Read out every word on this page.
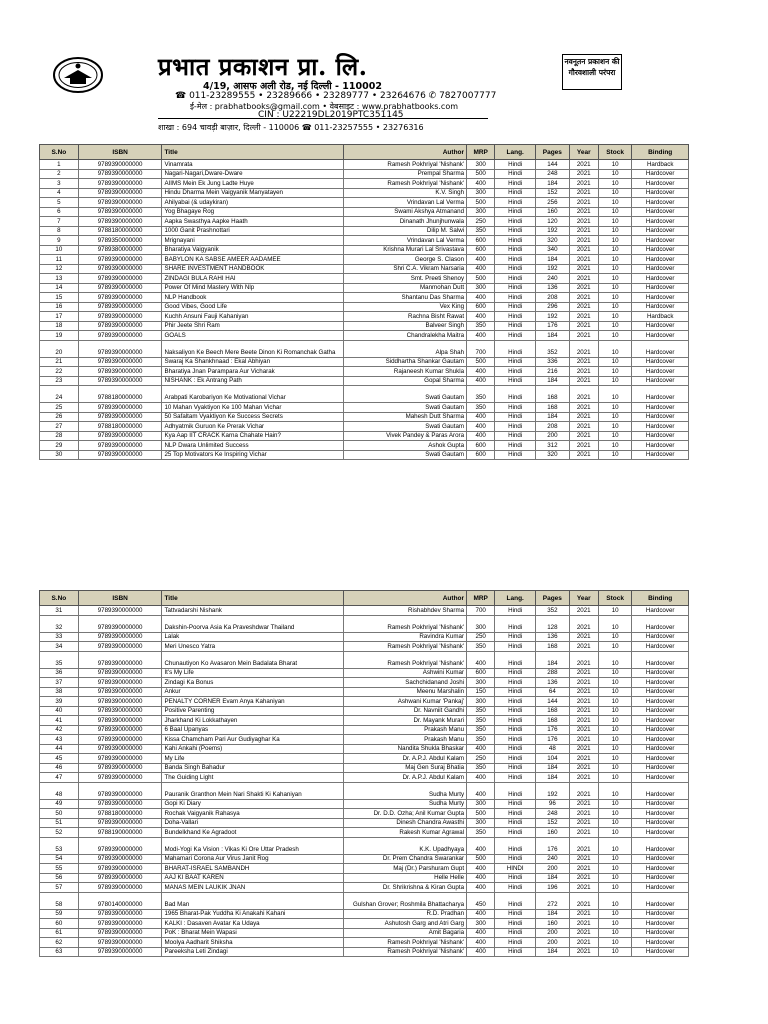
प्रभात प्रकाशन प्रा. लि.
4/19, आसफ अली रोड, नई दिल्ली - 110002
☎ 011-23289555 • 23289666 • 23289777 • 23264676 ✆ 7827007777
ई-मेल : prabhatbooks@gmail.com • वेबसाइट : www.prabhatbooks.com
CIN : U22219DL2019PTC351145
शाखा : 694 चावड़ी बाज़ार, दिल्ली - 110006 ☎ 011-23257555 • 23276316
नवनूतन प्रकाशन की गौरवशाली परंपरा
S.No	ISBN	Title	Author	MRP	Lang.	Pages	Year	Stock	Binding
1	9789390000000	Vinamrata	Ramesh Pokhriyal 'Nishank'	300	Hindi	144	2021	10	Hardback
2	9789390000000	Nagari-Nagari,Dware-Dware	Prempal Sharma	500	Hindi	248	2021	10	Hardcover
3	9789390000000	AIIMS Mein Ek Jung Ladte Huye	Ramesh Pokhriyal 'Nishank'	400	Hindi	184	2021	10	Hardcover
4	9789390000000	Hindu Dharma Mein Vaigyanik Manyatayen	K.V. Singh	300	Hindi	152	2021	10	Hardcover
5	9789390000000	Ahilyabai (& udaykiran)	Vrindavan Lal Verma	500	Hindi	256	2021	10	Hardcover
6	9789390000000	Yog Bhagaye Rog	Swami Akshya Atmanand	300	Hindi	160	2021	10	Hardcover
7	9789390000000	Aapka Swasthya Aapke Haath	Dinanath Jhunjhunwala	250	Hindi	120	2021	10	Hardcover
8	9788180000000	1000 Ganit Prashnottari	Dilip M. Salwi	350	Hindi	192	2021	10	Hardcover
9	9789350000000	Mrignayani	Vrindavan Lal Verma	600	Hindi	320	2021	10	Hardcover
10	9789380000000	Bharatiya Vaigyanik	Krishna Murari Lal Srivastava	600	Hindi	340	2021	10	Hardcover
11	9789390000000	BABYLON KA SABSE AMEER AADAMEE	George S. Clason	400	Hindi	184	2021	10	Hardcover
12	9789390000000	SHARE INVESTMENT HANDBOOK	Shri C.A. Vikram Narsaria	400	Hindi	192	2021	10	Hardcover
13	9789390000000	ZINDAGI BULA RAHI HAI	Smt. Preeti Shenoy	500	Hindi	240	2021	10	Hardcover
14	9789390000000	Power Of Mind Mastery With Nlp	Manmohan Dutt	300	Hindi	136	2021	10	Hardcover
15	9789390000000	NLP Handbook	Shantanu Das Sharma	400	Hindi	208	2021	10	Hardcover
16	9789390000000	Good Vibes, Good Life	Vex King	600	Hindi	296	2021	10	Hardcover
17	9789390000000	Kuchh Ansuni Fauji Kahaniyan	Rachna Bisht Rawat	400	Hindi	192	2021	10	Hardback
18	9789390000000	Phir Jeete Shri Ram	Balveer Singh	350	Hindi	176	2021	10	Hardcover
19	9789390000000	GOALS	Chandralekha Maitra	400	Hindi	184	2021	10	Hardcover
20	9789390000000	Naksaliyon Ke Beech Mere Beete Dinon Ki Romanchak Gatha	Alpa Shah	700	Hindi	352	2021	10	Hardcover
21	9789390000000	Swaraj Ka Shankhnaad : Ekal Abhiyan	Siddhartha Shankar Gautam	500	Hindi	336	2021	10	Hardcover
22	9789390000000	Bharatiya Jnan Parampara Aur Vicharak	Rajaneesh Kumar Shukla	400	Hindi	216	2021	10	Hardcover
23	9789390000000	NISHANK : Ek Antrang Path	Gopal Sharma	400	Hindi	184	2021	10	Hardcover
24	9788180000000	Arabpati Karobariyon Ke Motivational Vichar	Swati Gautam	350	Hindi	168	2021	10	Hardcover
25	9789390000000	10 Mahan Vyaktiyon Ke 100 Mahan Vichar	Swati Gautam	350	Hindi	168	2021	10	Hardcover
26	9789390000000	50 Safaltam Vyaktiyon Ke Success Secrets	Mahesh Dutt Sharma	400	Hindi	184	2021	10	Hardcover
27	9788180000000	Adhyatmik Guruon Ke Prerak Vichar	Swati Gautam	400	Hindi	208	2021	10	Hardcover
28	9789390000000	Kya Aap IIT CRACK Karna Chahate Hain?	Vivek Pandey & Paras Arora	400	Hindi	200	2021	10	Hardcover
29	9789390000000	NLP Dwara Unlimited Success	Ashok Gupta	600	Hindi	312	2021	10	Hardcover
30	9789390000000	25 Top Motivators Ke Inspiring Vichar	Swati Gautam	600	Hindi	320	2021	10	Hardcover
S.No	ISBN	Title	Author	MRP	Lang.	Pages	Year	Stock	Binding
31	9789390000000	Tattvadarshi Nishank	Rishabhdev Sharma	700	Hindi	352	2021	10	Hardcover
32	9789390000000	Dakshin-Poorva Asia Ka Praveshdwar Thailand	Ramesh Pokhriyal 'Nishank'	300	Hindi	128	2021	10	Hardcover
33	9789390000000	Lalak	Ravindra Kumar	250	Hindi	136	2021	10	Hardcover
34	9789390000000	Meri Unesco Yatra	Ramesh Pokhriyal 'Nishank'	350	Hindi	168	2021	10	Hardcover
35	9789390000000	Chunautiyon Ko Avasaron Mein Badalata Bharat	Ramesh Pokhriyal 'Nishank'	400	Hindi	184	2021	10	Hardcover
36	9789390000000	It's My Life	Ashwini Kumar	600	Hindi	288	2021	10	Hardcover
37	9789390000000	Zindagi Ka Bonus	Sachchidanand Joshi	300	Hindi	136	2021	10	Hardcover
38	9789390000000	Ankur	Meenu Marshalin	150	Hindi	64	2021	10	Hardcover
39	9789390000000	PENALTY CORNER Evam Anya Kahaniyan	Ashwani Kumar 'Pankaj'	300	Hindi	144	2021	10	Hardcover
40	9789390000000	Positive Parenting	Dr. Navniit Gandhi	350	Hindi	168	2021	10	Hardcover
41	9789390000000	Jharkhand Ki Lokkathayen	Dr. Mayank Murari	350	Hindi	168	2021	10	Hardcover
42	9789390000000	6 Baal Upanyas	Prakash Manu	350	Hindi	176	2021	10	Hardcover
43	9789390000000	Kissa Chamcham Pari Aur Gudiyaghar Ka	Prakash Manu	350	Hindi	176	2021	10	Hardcover
44	9789390000000	Kahi Ankahi (Poems)	Nandita Shukla Bhaskar	400	Hindi	48	2021	10	Hardcover
45	9789390000000	My Life	Dr. A.P.J. Abdul Kalam	250	Hindi	104	2021	10	Hardcover
46	9789390000000	Banda Singh Bahadur	Maj Gen Suraj Bhatia	350	Hindi	184	2021	10	Hardcover
47	9789390000000	The Guiding Light	Dr. A.P.J. Abdul Kalam	400	Hindi	184	2021	10	Hardcover
48	9789390000000	Pauranik Granthon Mein Nari Shakti Ki Kahaniyan	Sudha Murty	400	Hindi	192	2021	10	Hardcover
49	9789390000000	Gopi Ki Diary	Sudha Murty	300	Hindi	96	2021	10	Hardcover
50	9788180000000	Rochak Vaigyanik Rahasya	Dr. D.D. Ozha; Anil Kumar Gupta	500	Hindi	248	2021	10	Hardcover
51	9789390000000	Doha-Vallari	Dinesh Chandra Awasthi	300	Hindi	152	2021	10	Hardcover
52	9788190000000	Bundelkhand Ke Agradoot	Rakesh Kumar Agrawal	350	Hindi	160	2021	10	Hardcover
53	9789390000000	Modi-Yogi Ka Vision : Vikas Ki Ore Uttar Pradesh	K.K. Upadhyaya	400	Hindi	176	2021	10	Hardcover
54	9789390000000	Mahamari Corona Aur Virus Janit Rog	Dr. Prem Chandra Swarankar	500	Hindi	240	2021	10	Hardcover
55	9789390000000	BHARAT-ISRAEL SAMBANDH	Maj (Dr.) Parshuram Gupt	400	HINDI	200	2021	10	Hardcover
56	9789390000000	AAJ KI BAAT KAREN	Helle Helle	400	Hindi	184	2021	10	Hardcover
57	9789390000000	MANAS MEIN LAUKIK JNAN	Dr. Shrikrishna & Kiran Gupta	400	Hindi	196	2021	10	Hardcover
58	9780140000000	Bad Man	Gulshan Grover; Roshmila Bhattacharya	450	Hindi	272	2021	10	Hardcover
59	9789390000000	1965 Bharat-Pak Yuddha Ki Anakahi Kahani	R.D. Pradhan	400	Hindi	184	2021	10	Hardcover
60	9789390000000	KALKI : Dasaven Avatar Ka Udaya	Ashutosh Garg and Atri Garg	300	Hindi	160	2021	10	Hardcover
61	9789390000000	PoK : Bharat Mein Wapasi	Amit Bagaria	400	Hindi	200	2021	10	Hardcover
62	9789390000000	Moolya Aadharit Shiksha	Ramesh Pokhriyal 'Nishank'	400	Hindi	200	2021	10	Hardcover
63	9789390000000	Pareeksha Leti Zindagi	Ramesh Pokhriyal 'Nishank'	400	Hindi	184	2021	10	Hardcover
